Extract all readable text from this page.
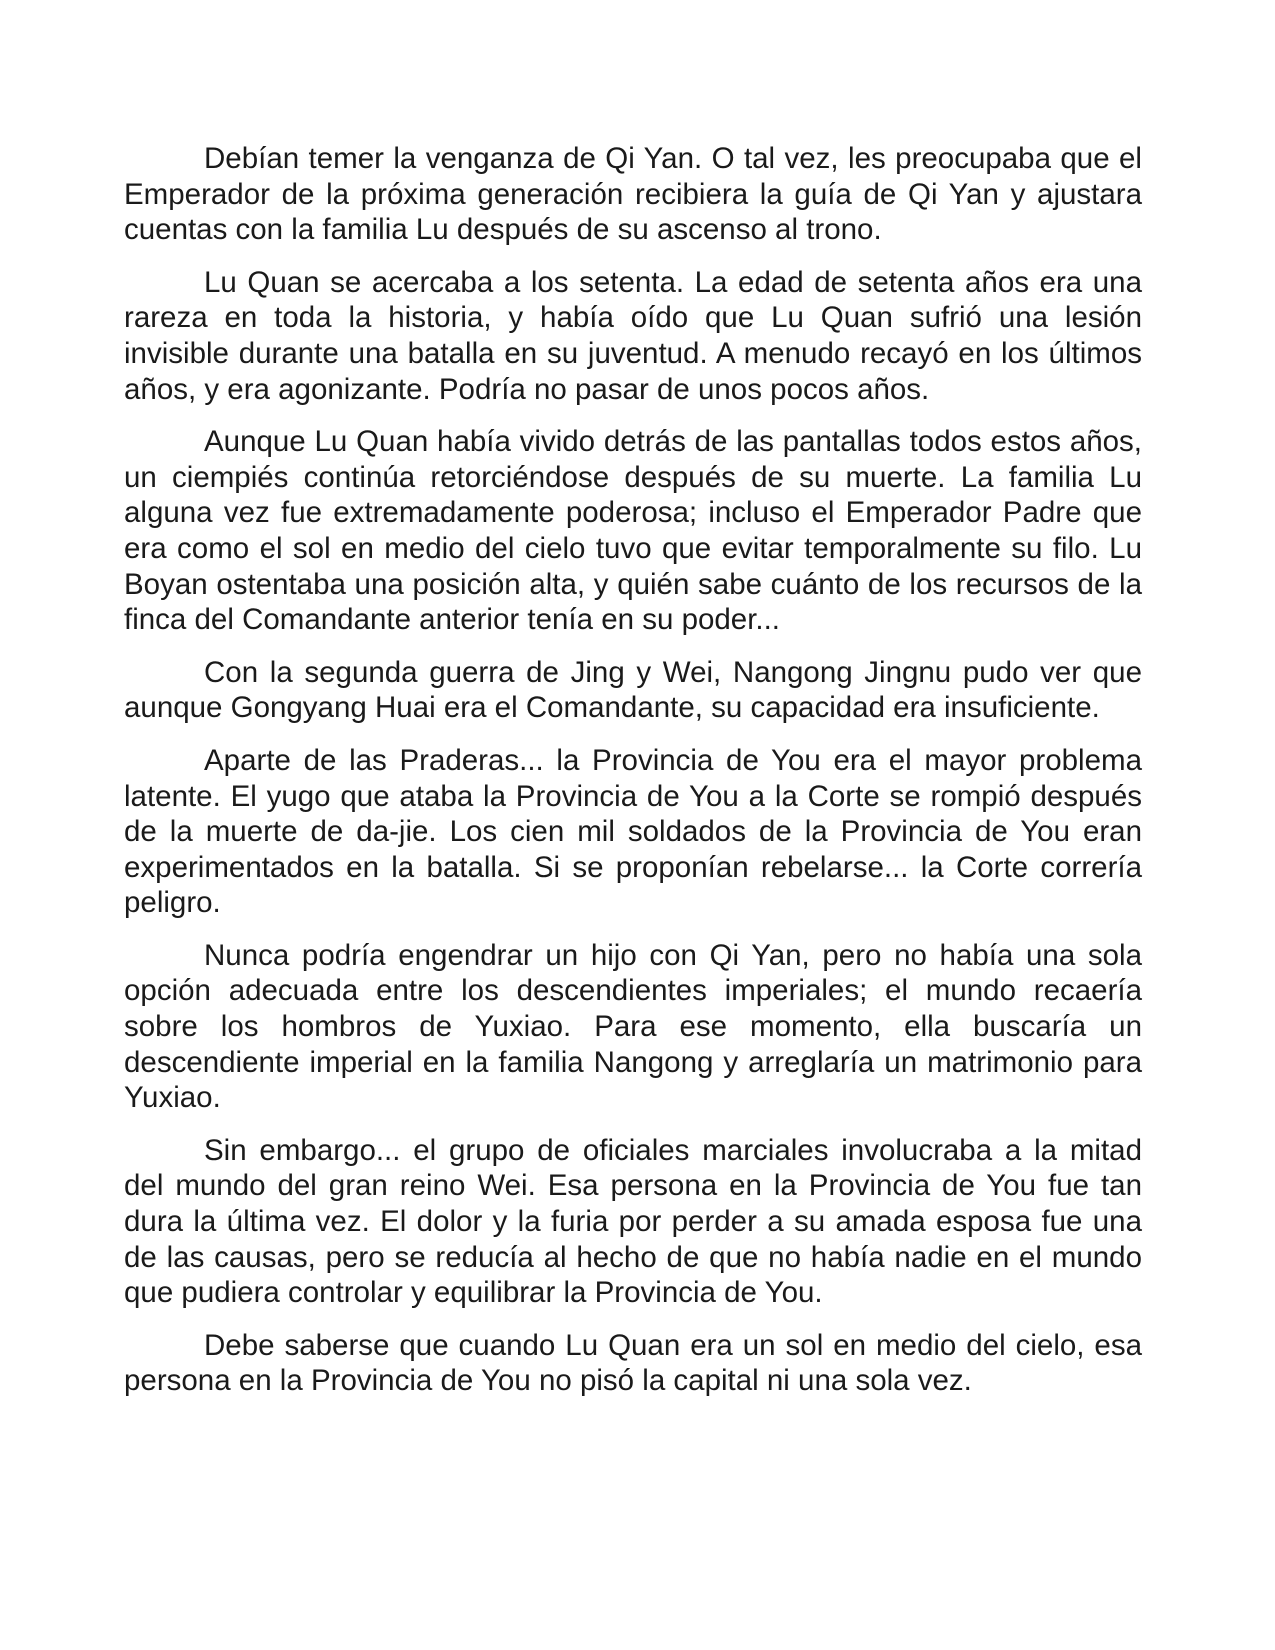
Debían temer la venganza de Qi Yan. O tal vez, les preocupaba que el Emperador de la próxima generación recibiera la guía de Qi Yan y ajustara cuentas con la familia Lu después de su ascenso al trono.

Lu Quan se acercaba a los setenta. La edad de setenta años era una rareza en toda la historia, y había oído que Lu Quan sufrió una lesión invisible durante una batalla en su juventud. A menudo recayó en los últimos años, y era agonizante. Podría no pasar de unos pocos años.

Aunque Lu Quan había vivido detrás de las pantallas todos estos años, un ciempiés continúa retorciéndose después de su muerte. La familia Lu alguna vez fue extremadamente poderosa; incluso el Emperador Padre que era como el sol en medio del cielo tuvo que evitar temporalmente su filo. Lu Boyan ostentaba una posición alta, y quién sabe cuánto de los recursos de la finca del Comandante anterior tenía en su poder...

Con la segunda guerra de Jing y Wei, Nangong Jingnu pudo ver que aunque Gongyang Huai era el Comandante, su capacidad era insuficiente.

Aparte de las Praderas... la Provincia de You era el mayor problema latente. El yugo que ataba la Provincia de You a la Corte se rompió después de la muerte de da-jie. Los cien mil soldados de la Provincia de You eran experimentados en la batalla. Si se proponían rebelarse... la Corte correría peligro.

Nunca podría engendrar un hijo con Qi Yan, pero no había una sola opción adecuada entre los descendientes imperiales; el mundo recaería sobre los hombros de Yuxiao. Para ese momento, ella buscaría un descendiente imperial en la familia Nangong y arreglaría un matrimonio para Yuxiao.

Sin embargo... el grupo de oficiales marciales involucraba a la mitad del mundo del gran reino Wei. Esa persona en la Provincia de You fue tan dura la última vez. El dolor y la furia por perder a su amada esposa fue una de las causas, pero se reducía al hecho de que no había nadie en el mundo que pudiera controlar y equilibrar la Provincia de You.

Debe saberse que cuando Lu Quan era un sol en medio del cielo, esa persona en la Provincia de You no pisó la capital ni una sola vez.
